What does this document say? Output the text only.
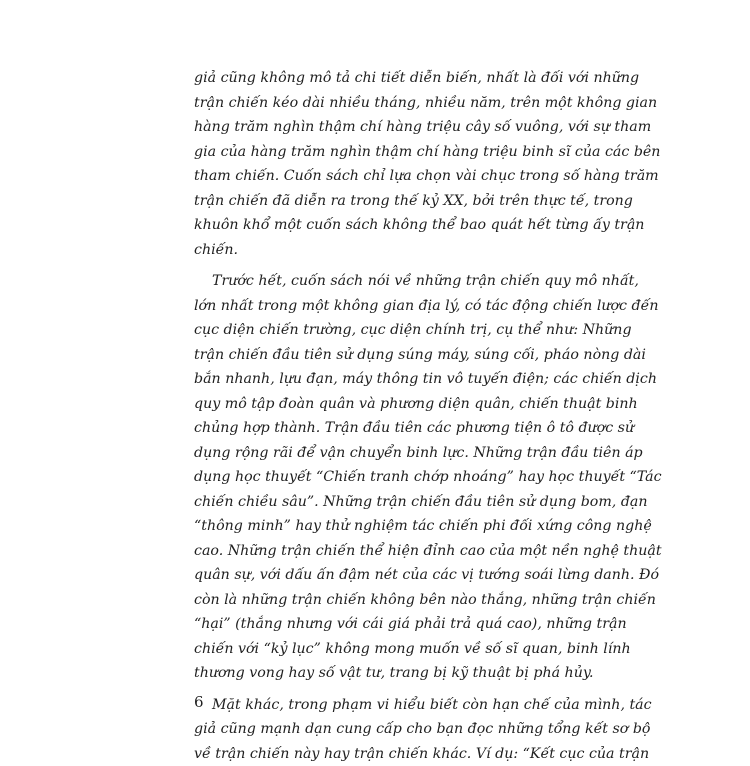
giả cũng không mô tả chi tiết diễn biến, nhất là đối với những
trận chiến kéo dài nhiều tháng, nhiều năm, trên một không gian
hàng trăm nghìn thậm chí hàng triệu cây số vuông, với sự tham
gia của hàng trăm nghìn thậm chí hàng triệu binh sĩ của các bên
tham chiến. Cuốn sách chỉ lựa chọn vài chục trong số hàng trăm
trận chiến đã diễn ra trong thế kỷ XX, bởi trên thực tế, trong
khuôn khổ một cuốn sách không thể bao quát hết từng ấy trận
chiến.

Trước hết, cuốn sách nói về những trận chiến quy mô nhất,
lớn nhất trong một không gian địa lý, có tác động chiến lược đến
cục diện chiến trường, cục diện chính trị, cụ thể như: Những
trận chiến đầu tiên sử dụng súng máy, súng cối, pháo nòng dài
bắn nhanh, lựu đạn, máy thông tin vô tuyến điện; các chiến dịch
quy mô tập đoàn quân và phương diện quân, chiến thuật binh
chủng hợp thành. Trận đầu tiên các phương tiện ô tô được sử
dụng rộng rãi để vận chuyển binh lực. Những trận đầu tiên áp
dụng học thuyết “Chiến tranh chớp nhoáng” hay học thuyết “Tác
chiến chiều sâu”. Những trận chiến đầu tiên sử dụng bom, đạn
“thông minh” hay thử nghiệm tác chiến phi đối xứng công nghệ
cao. Những trận chiến thể hiện đỉnh cao của một nền nghệ thuật
quân sự, với dấu ấn đậm nét của các vị tướng soái lừng danh. Đó
còn là những trận chiến không bên nào thắng, những trận chiến
“hại” (thắng nhưng với cái giá phải trả quá cao), những trận
chiến với “kỷ lục” không mong muốn về số sĩ quan, binh lính
thương vong hay số vật tư, trang bị kỹ thuật bị phá hủy.

Mặt khác, trong phạm vi hiểu biết còn hạn chế của mình, tác
giả cũng mạnh dạn cung cấp cho bạn đọc những tổng kết sơ bộ
về trận chiến này hay trận chiến khác. Ví dụ: “Kết cục của trận

6
